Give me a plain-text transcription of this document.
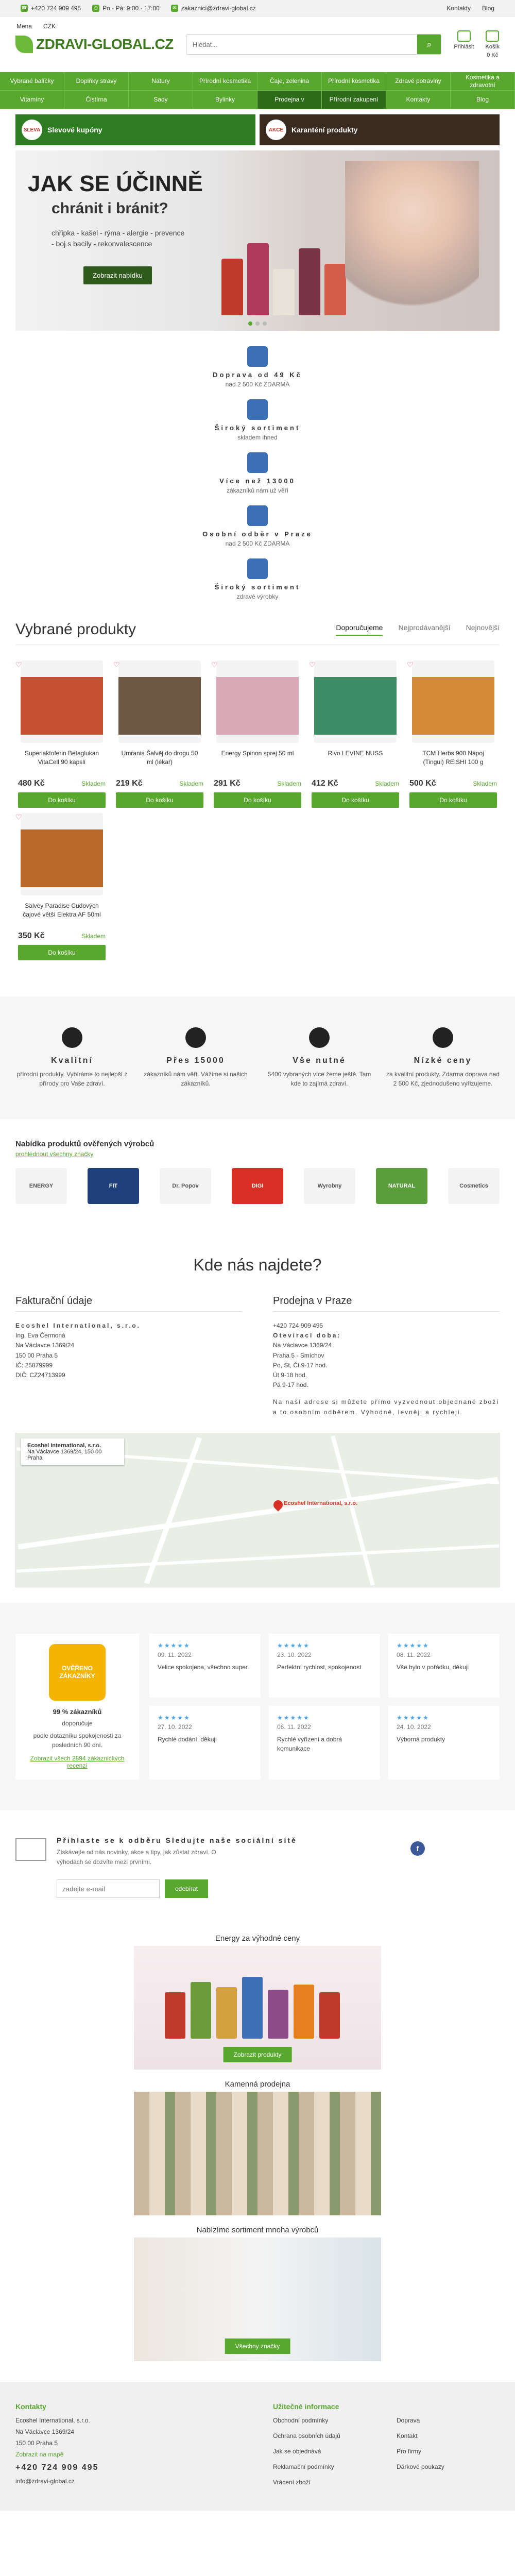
☎ +420 724 909 495	◷ Po - Pá: 9:00 - 17:00	✉ zakaznici@zdravi-global.cz	Kontakty Blog
ZDRAVI-GLOBAL.CZ
Hledat...	⌕	Přihlásit Košík
0 Kč
Mena CZK
Vybrané balíčky	Doplňky stravy	Nátury	Přírodní kosmetika	Čaje, zelenina	Přírodní kosmetika	Zdravé potraviny
Kosmetika a zdravotní
Vitamíny	Čistírna	Sady	Bylinky	Prodejna v	Přírodní zakupení	Kontakty	Blog
SLEVA Slevové kupóny	AKCE	Karanténí produkty
JAK SE ÚČINNĚ
chránit i bránit?
chřipka - kašel - rýma - alergie - prevence - boj s bacily - rekonvalescence
Zobrazit nabídku
Doprava od 49 Kč
nad 2 500 Kč ZDARMA
Široký sortiment
skladem ihned
Více než 13000
zákazníků nám už věří
Osobní odběr v Praze
nad 2 500 Kč ZDARMA
Široký sortiment
zdravé výrobky
Vybrané produkty	Doporučujeme Nejprodávanější Nejnovější
♡
Superlaktoferin Betaglukan VitaCell 90 kapslí
480 Kč	Skladem
Do košíku
♡
Umrania Šalvěj do drogu 50 ml (lékař)
219 Kč	Skladem
Do košíku
♡
Energy Spinon sprej 50 ml
291 Kč	Skladem
Do košíku
♡
Rivo LEVINE NUSS
412 Kč	Skladem
Do košíku
♡
TCM Herbs 900 Nápoj (Tingui) REISHI 100 g
500 Kč	Skladem
Do košíku
♡
Salvey Paradise Cudových čajové větší Elektra AF 50ml
350 Kč	Skladem
Do košíku
Kvalitní
přírodní produkty. Vybíráme to nejlepší z přírody pro Vaše zdraví.
Přes 15000
zákazníků nám věří. Vážíme si našich zákazníků.
Vše nutné
5400 vybraných více žeme ještě. Tam kde to zajímá zdraví.
Nízké ceny
za kvalitní produkty. Zdarma doprava nad 2 500 Kč, zjednodušeno vyřizujeme.
Nabídka produktů ověřených výrobců
prohlédnout všechny značky
ENERGY	FIT	Dr. Popov	DIGI	Wyrobny	NATURAL	Cosmetics
Kde nás najdete?
Fakturační údaje

Ecoshel International, s.r.o.

Ing. Eva Čermoná

Na Václavce 1369/24

150 00 Praha 5

IČ: 25879999

DIČ: CZ24713999

Prodejna v Praze

+420 724 909 495

Otevírací doba:

Na Václavce 1369/24

Praha 5 - Smíchov

Po, St, Čt 9-17 hod.

Út 9-18 hod.

Pá 9-17 hod.

Na naší adrese si můžete přímo vyzvednout objednané zboží a to osobním odběrem. Výhodně, levněji a rychleji.

Ecoshel International, s.r.o.
Na Václavce 1369/24, 150 00 Praha
Ecoshel International, s.r.o.
OVĚŘENO ZÁKAZNÍKY
99 % zákazníků
doporučuje
podle dotazníku spokojenosti za posledních 90 dní.
Zobrazit všech 2894 zákaznických recenzí
★★★★★
09. 11. 2022
Velice spokojena, všechno super.
★★★★★
23. 10. 2022
Perfektní rychlost, spokojenost
★★★★★
08. 11. 2022
Vše bylo v pořádku, děkuji
★★★★★
27. 10. 2022
Rychlé dodání, děkuji
★★★★★
06. 11. 2022
Rychlé vyřízení a dobrá komunikace
★★★★★
24. 10. 2022
Výborná produkty
Přihlaste se k odběru Sledujte naše sociální sítě
Získávejte od nás novinky, akce a tipy, jak zůstat zdraví. O výhodách se dozvíte mezi prvními.
zadejte e-mail
odebírat
f
Energy za výhodné ceny
Zobrazit produkty
Kamenná prodejna
Nabízíme sortiment mnoha výrobců
Všechny značky
Kontakty
Ecoshel International, s.r.o.
Na Václavce 1369/24
150 00 Praha 5
Zobrazit na mapě
+420 724 909 495
info@zdravi-global.cz
Užitečné informace
Obchodní podmínky	Doprava
Ochrana osobních údajů	Kontakt
Jak se objednává	Pro firmy
Reklamační podmínky	Dárkové poukazy
Vrácení zboží
